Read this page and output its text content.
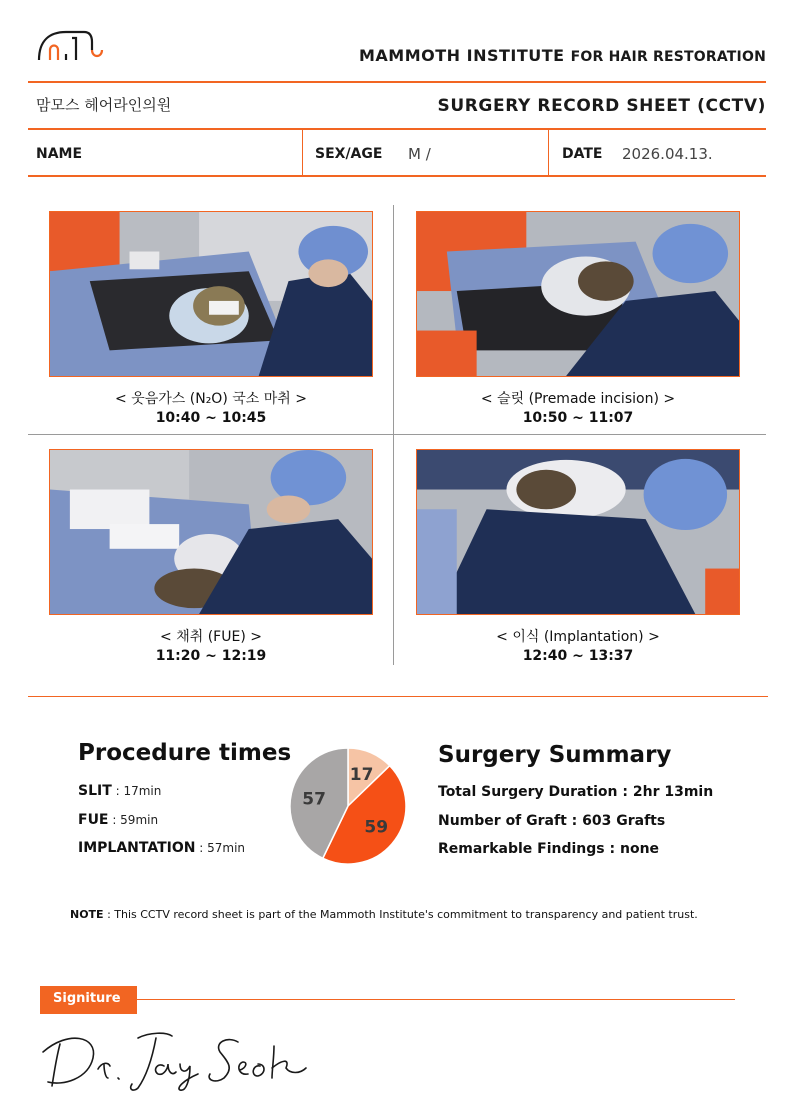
MAMMOTH INSTITUTE FOR HAIR RESTORATION
맘모스 헤어라인의원	SURGERY RECORD SHEET (CCTV)
NAME	SEX/AGE M /	DATE 2026.04.13.
< 웃음가스 (N₂O) 국소 마취 >
10:40 ~ 10:45
< 슬릿 (Premade incision) >
10:50 ~ 11:07
< 채취 (FUE) >
11:20 ~ 12:19
< 이식 (Implantation) >
12:40 ~ 13:37
Procedure times
SLIT : 17min
FUE : 59min
IMPLANTATION : 57min
17
59
57
Surgery Summary
Total Surgery Duration : 2hr 13min
Number of Graft : 603 Grafts
Remarkable Findings : none
NOTE : This CCTV record sheet is part of the Mammoth Institute's commitment to transparency and patient trust.
Signiture
